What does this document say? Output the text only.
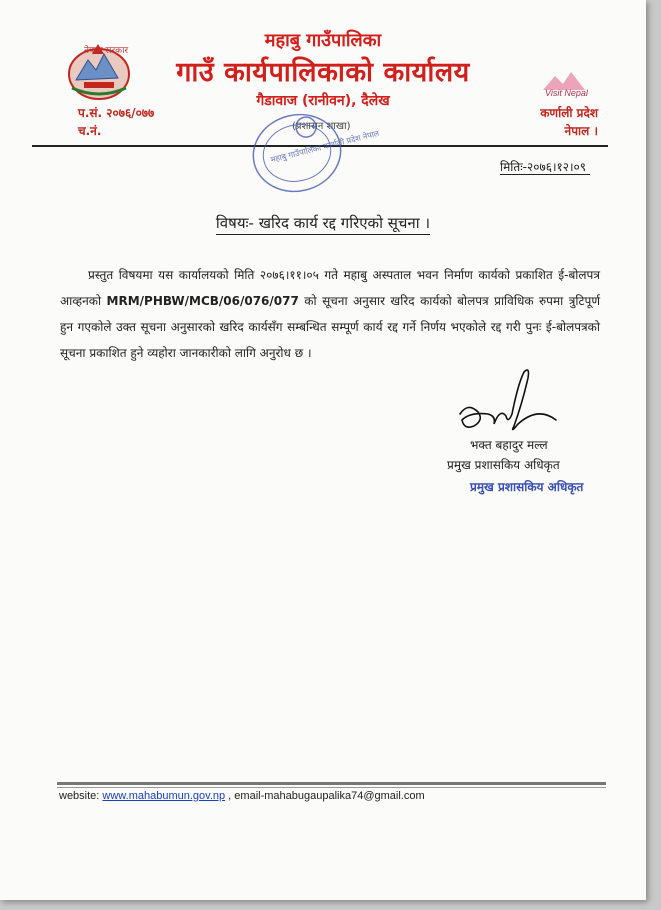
नेपाल सरकार	महाबु गाउँपालिका
गाउँ कार्यपालिकाको कार्यालय
गैडावाज (रानीवन), दैलेख
(प्रशासन शाखा)
प.सं. २०७६/०७७
च.नं.
Visit Nepal
कर्णाली प्रदेश
नेपाल ।
महाबु गाउँपालिका कर्णाली प्रदेश नेपाल
मितिः-२०७६।१२।०९
विषयः- खरिद कार्य रद्द गरिएको सूचना ।
प्रस्तुत विषयमा यस कार्यालयको मिति २०७६।११।०५ गते महाबु अस्पताल भवन निर्माण कार्यको प्रकाशित ई-बोलपत्र आव्हनको MRM/PHBW/MCB/06/076/077 को सूचना अनुसार खरिद कार्यको बोलपत्र प्राविधिक रुपमा त्रुटिपूर्ण हुन गएकोले उक्त सूचना अनुसारको खरिद कार्यसँग सम्बन्धित सम्पूर्ण कार्य रद्द गर्ने निर्णय भएकोले रद्द गरी पुनः ई-बोलपत्रको सूचना प्रकाशित हुने व्यहोरा जानकारीको लागि अनुरोध छ ।
भक्त बहादुर मल्ल
प्रमुख प्रशासकिय अधिकृत
प्रमुख प्रशासकिय अधिकृत
website: www.mahabumun.gov.np , email-mahabugaupalika74@gmail.com
